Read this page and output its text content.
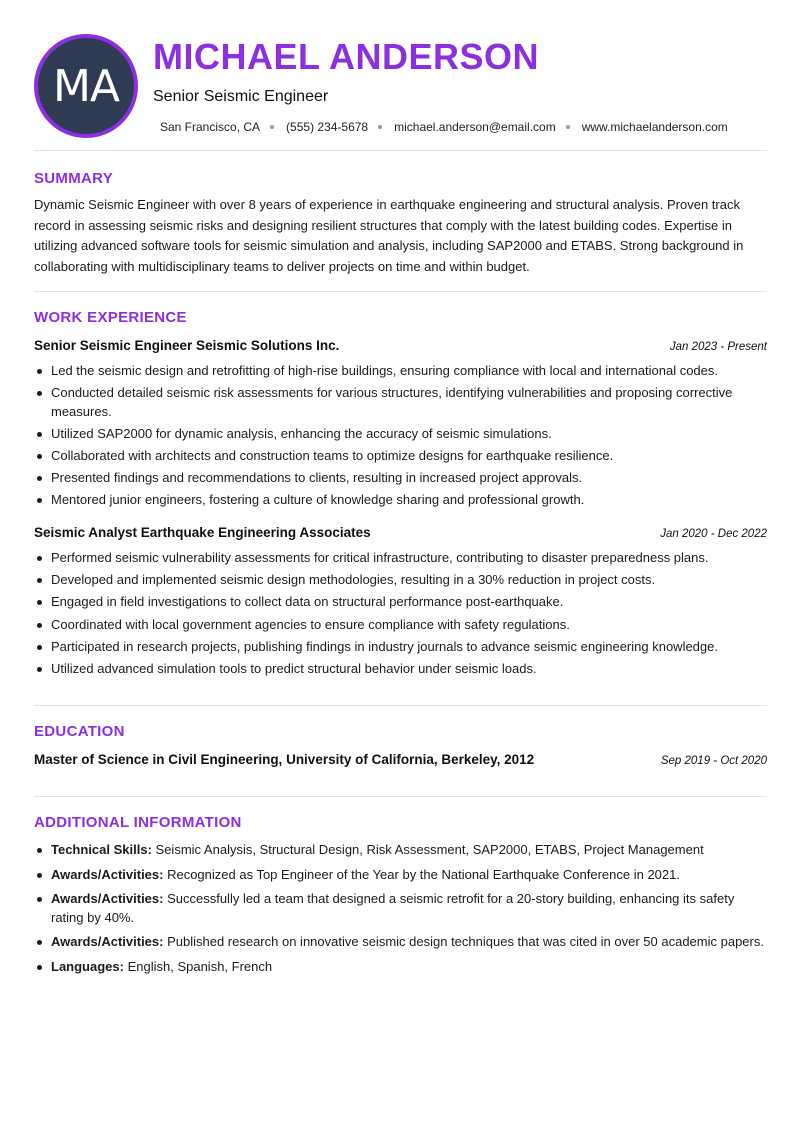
MA
MICHAEL ANDERSON
Senior Seismic Engineer
San Francisco, CA (555) 234-5678 michael.anderson@email.com www.michaelanderson.com
SUMMARY
Dynamic Seismic Engineer with over 8 years of experience in earthquake engineering and structural analysis. Proven track record in assessing seismic risks and designing resilient structures that comply with the latest building codes. Expertise in utilizing advanced software tools for seismic simulation and analysis, including SAP2000 and ETABS. Strong background in collaborating with multidisciplinary teams to deliver projects on time and within budget.
WORK EXPERIENCE
Senior Seismic Engineer Seismic Solutions Inc.	Jan 2023 - Present
Led the seismic design and retrofitting of high-rise buildings, ensuring compliance with local and international codes.
Conducted detailed seismic risk assessments for various structures, identifying vulnerabilities and proposing corrective measures.
Utilized SAP2000 for dynamic analysis, enhancing the accuracy of seismic simulations.
Collaborated with architects and construction teams to optimize designs for earthquake resilience.
Presented findings and recommendations to clients, resulting in increased project approvals.
Mentored junior engineers, fostering a culture of knowledge sharing and professional growth.
Seismic Analyst Earthquake Engineering Associates	Jan 2020 - Dec 2022
Performed seismic vulnerability assessments for critical infrastructure, contributing to disaster preparedness plans.
Developed and implemented seismic design methodologies, resulting in a 30% reduction in project costs.
Engaged in field investigations to collect data on structural performance post-earthquake.
Coordinated with local government agencies to ensure compliance with safety regulations.
Participated in research projects, publishing findings in industry journals to advance seismic engineering knowledge.
Utilized advanced simulation tools to predict structural behavior under seismic loads.
EDUCATION
Master of Science in Civil Engineering, University of California, Berkeley, 2012	Sep 2019 - Oct 2020
ADDITIONAL INFORMATION
Technical Skills: Seismic Analysis, Structural Design, Risk Assessment, SAP2000, ETABS, Project Management
Awards/Activities: Recognized as Top Engineer of the Year by the National Earthquake Conference in 2021.
Awards/Activities: Successfully led a team that designed a seismic retrofit for a 20-story building, enhancing its safety rating by 40%.
Awards/Activities: Published research on innovative seismic design techniques that was cited in over 50 academic papers.
Languages: English, Spanish, French
